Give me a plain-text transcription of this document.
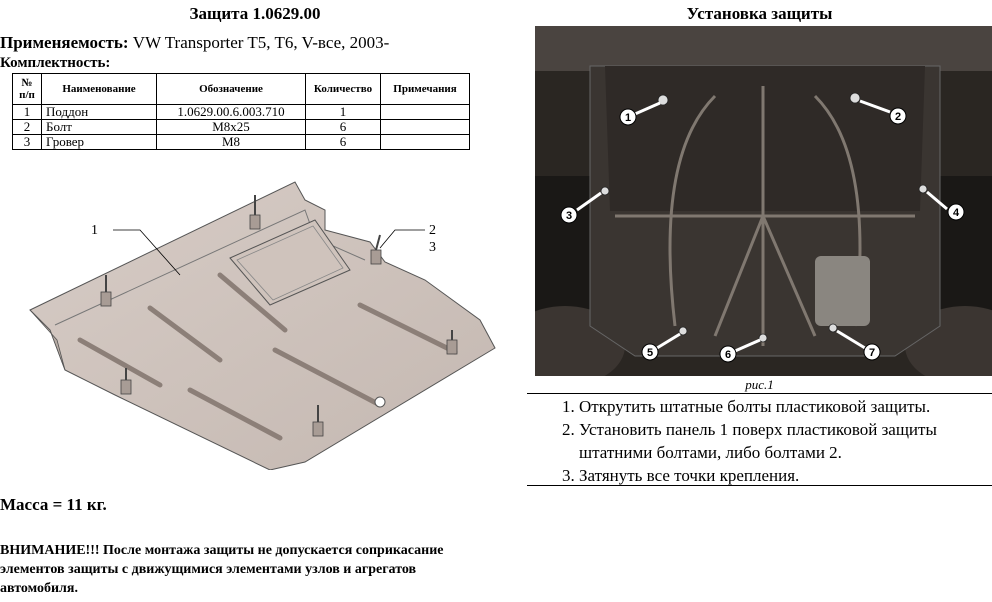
Защита 1.0629.00	Установка защиты
Применяемость: VW Transporter T5, T6, V-все, 2003-
Комплектность:
№ п/п	Наименование	Обозначение	Количество	Примечания
1	Поддон	1.0629.00.6.003.710	1	
2	Болт	M8x25	6	
3	Гровер	M8	6	
1	2
3
Масса = 11 кг.
ВНИМАНИЕ!!! После монтажа защиты не допускается соприкасание элементов защиты с движущимися элементами узлов и агрегатов автомобиля.
1	2
3	4
5	6	7
рис.1
1. Открутить штатные болты пластиковой защиты.
2. Установить панель 1 поверх пластиковой защиты штатними болтами, либо болтами 2.
3. Затянуть все точки крепления.
